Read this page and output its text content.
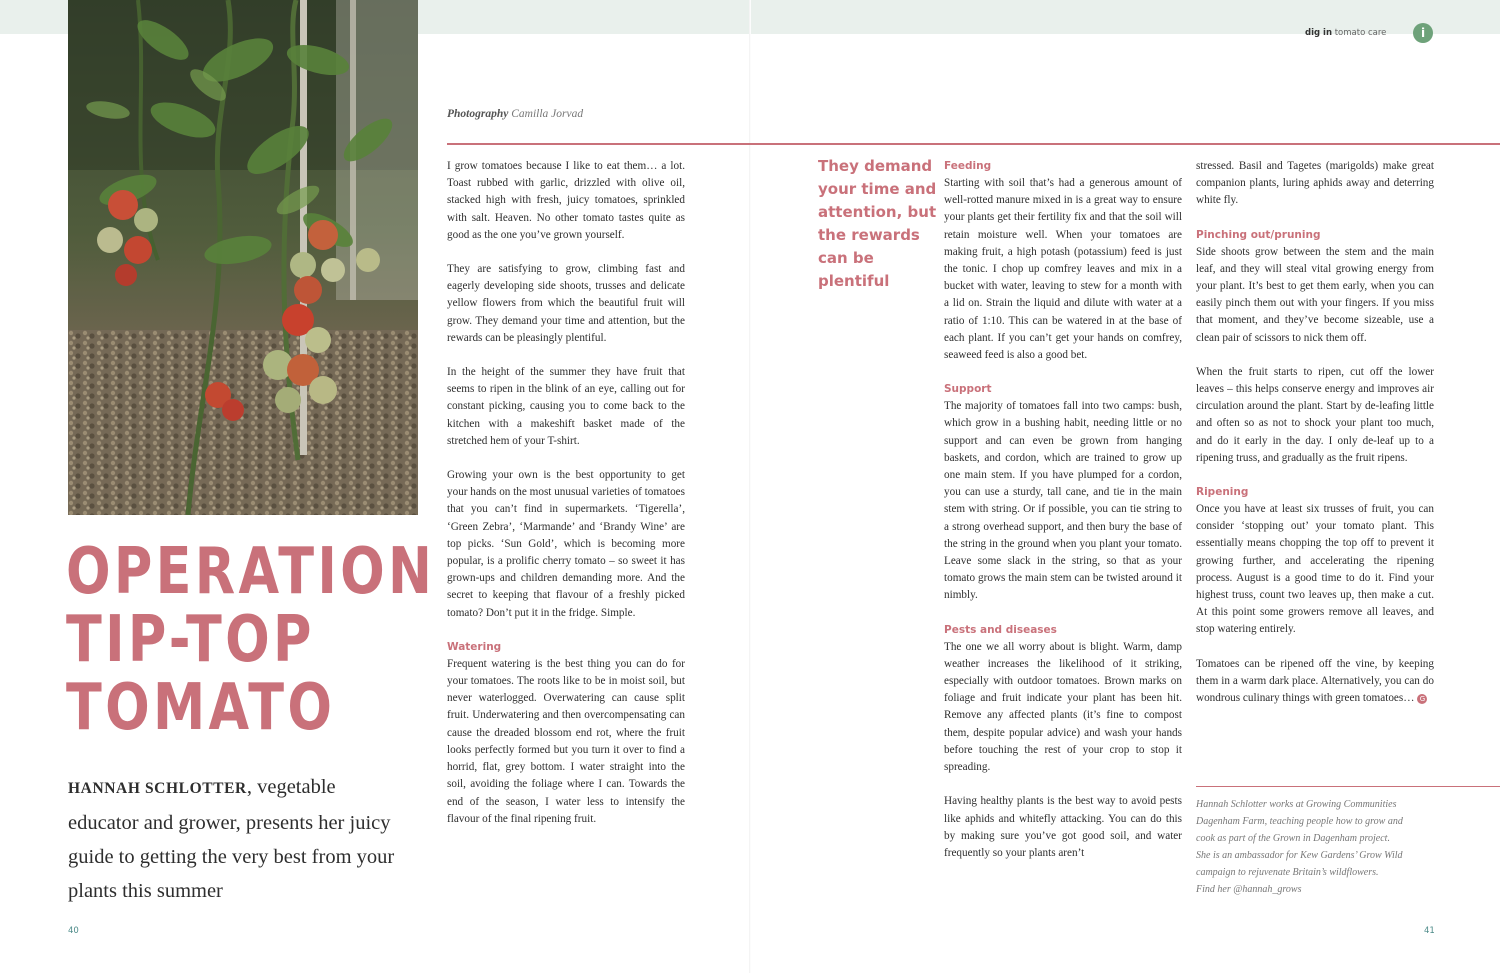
OPERATION
TIP-TOP
TOMATO

HANNAH SCHLOTTER, vegetable educator and grower, presents her juicy guide to getting the very best from your plants this summer

40	41
dig in tomato care	i
Photography Camilla Jorvad

I grow tomatoes because I like to eat them… a lot. Toast rubbed with garlic, drizzled with olive oil, stacked high with fresh, juicy tomatoes, sprinkled with salt. Heaven. No other tomato tastes quite as good as the one you’ve grown yourself.

They are satisfying to grow, climbing fast and eagerly developing side shoots, trusses and delicate yellow flowers from which the beautiful fruit will grow. They demand your time and attention, but the rewards can be pleasingly plentiful.

In the height of the summer they have fruit that seems to ripen in the blink of an eye, calling out for constant picking, causing you to come back to the kitchen with a makeshift basket made of the stretched hem of your T-shirt.

Growing your own is the best opportunity to get your hands on the most unusual varieties of tomatoes that you can’t find in supermarkets. ‘Tigerella’, ‘Green Zebra’, ‘Marmande’ and ‘Brandy Wine’ are top picks. ‘Sun Gold’, which is becoming more popular, is a prolific cherry tomato – so sweet it has grown-ups and children demanding more. And the secret to keeping that flavour of a freshly picked tomato? Don’t put it in the fridge. Simple.

Watering

Frequent watering is the best thing you can do for your tomatoes. The roots like to be in moist soil, but never waterlogged. Overwatering can cause split fruit. Underwatering and then overcompensating can cause the dreaded blossom end rot, where the fruit looks perfectly formed but you turn it over to find a horrid, flat, grey bottom. I water straight into the soil, avoiding the foliage where I can. Towards the end of the season, I water less to intensify the flavour of the final ripening fruit.

They demand your time and attention, but the rewards can be plentiful
Feeding

Starting with soil that’s had a generous amount of well-rotted manure mixed in is a great way to ensure your plants get their fertility fix and that the soil will retain moisture well. When your tomatoes are making fruit, a high potash (potassium) feed is just the tonic. I chop up comfrey leaves and mix in a bucket with water, leaving to stew for a month with a lid on. Strain the liquid and dilute with water at a ratio of 1:10. This can be watered in at the base of each plant. If you can’t get your hands on comfrey, seaweed feed is also a good bet.

Support

The majority of tomatoes fall into two camps: bush, which grow in a bushing habit, needing little or no support and can even be grown from hanging baskets, and cordon, which are trained to grow up one main stem. If you have plumped for a cordon, you can use a sturdy, tall cane, and tie in the main stem with string. Or if possible, you can tie string to a strong overhead support, and then bury the base of the string in the ground when you plant your tomato. Leave some slack in the string, so that as your tomato grows the main stem can be twisted around it nimbly.

Pests and diseases

The one we all worry about is blight. Warm, damp weather increases the likelihood of it striking, especially with outdoor tomatoes. Brown marks on foliage and fruit indicate your plant has been hit. Remove any affected plants (it’s fine to compost them, despite popular advice) and wash your hands before touching the rest of your crop to stop it spreading.

Having healthy plants is the best way to avoid pests like aphids and whitefly attacking. You can do this by making sure you’ve got good soil, and water frequently so your plants aren’t

stressed. Basil and Tagetes (marigolds) make great companion plants, luring aphids away and deterring white fly.

Pinching out/pruning

Side shoots grow between the stem and the main leaf, and they will steal vital growing energy from your plant. It’s best to get them early, when you can easily pinch them out with your fingers. If you miss that moment, and they’ve become sizeable, use a clean pair of scissors to nick them off.

When the fruit starts to ripen, cut off the lower leaves – this helps conserve energy and improves air circulation around the plant. Start by de-leafing little and often so as not to shock your plant too much, and do it early in the day. I only de-leaf up to a ripening truss, and gradually as the fruit ripens.

Ripening

Once you have at least six trusses of fruit, you can consider ‘stopping out’ your tomato plant. This essentially means chopping the top off to prevent it growing further, and accelerating the ripening process. August is a good time to do it. Find your highest truss, count two leaves up, then make a cut. At this point some growers remove all leaves, and stop watering entirely.

Tomatoes can be ripened off the vine, by keeping them in a warm dark place. Alternatively, you can do wondrous culinary things with green tomatoes… G

Hannah Schlotter works at Growing Communities
Dagenham Farm, teaching people how to grow and
cook as part of the Grown in Dagenham project.
She is an ambassador for Kew Gardens’ Grow Wild
campaign to rejuvenate Britain’s wildflowers.
Find her @hannah_grows
